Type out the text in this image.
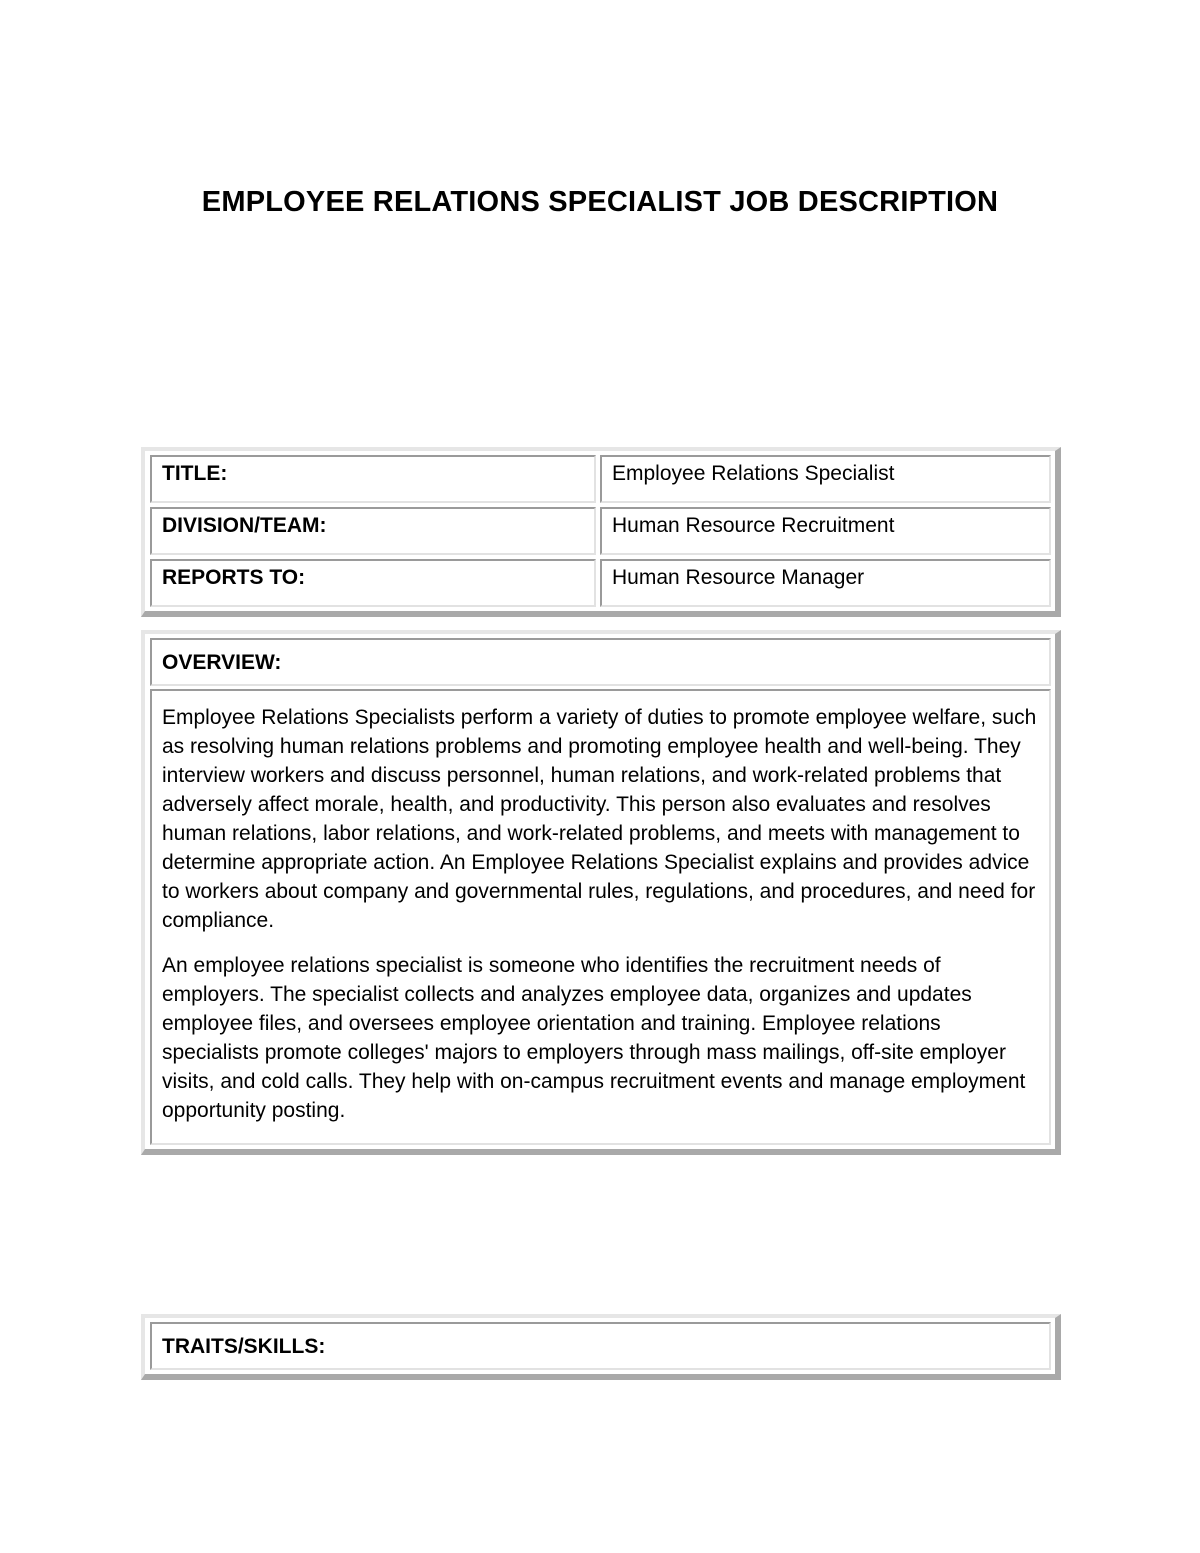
EMPLOYEE RELATIONS SPECIALIST JOB DESCRIPTION
TITLE:	Employee Relations Specialist
DIVISION/TEAM:	Human Resource Recruitment
REPORTS TO:	Human Resource Manager
OVERVIEW:

Employee Relations Specialists perform a variety of duties to promote employee welfare, such as resolving human relations problems and promoting employee health and well-being. They interview workers and discuss personnel, human relations, and work-related problems that adversely affect morale, health, and productivity. This person also evaluates and resolves human relations, labor relations, and work-related problems, and meets with management to determine appropriate action. An Employee Relations Specialist explains and provides advice to workers about company and governmental rules, regulations, and procedures, and need for compliance.

An employee relations specialist is someone who identifies the recruitment needs of employers. The specialist collects and analyzes employee data, organizes and updates employee files, and oversees employee orientation and training. Employee relations specialists promote colleges' majors to employers through mass mailings, off-site employer visits, and cold calls. They help with on-campus recruitment events and manage employment opportunity posting.

TRAITS/SKILLS:
